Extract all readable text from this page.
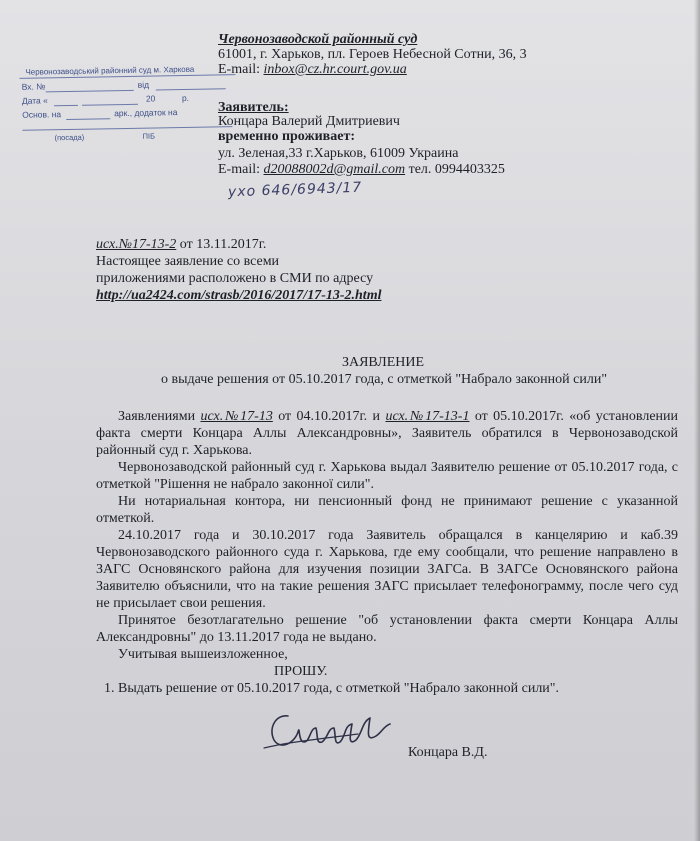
Червонозаводской районный суд
61001, г. Харьков, пл. Героев Небесной Сотни, 36, 3
E-mail: inbox@cz.hr.court.gov.ua
Червонозаводський районний суд м. Харкова
Вх. №	від
Дата «	20	р.
Основ. на	арк., додаток на
(посада)	ПІБ
Заявитель:
Концара Валерий Дмитриевич
временно проживает:
ул. Зеленая,33 г.Харьков, 61009 Украина
E-mail: d20088002d@gmail.com тел. 0994403325
ухо 646/6943/17
исх.№17-13-2 от 13.11.2017г.
Настоящее заявление со всеми
приложениями расположено в СМИ по адресу
http://ua2424.com/strasb/2016/2017/17-13-2.html
ЗАЯВЛЕНИЕ
о выдаче решения от 05.10.2017 года, с отметкой "Набрало законной сили"
Заявлениями исх.№17-13 от 04.10.2017г. и исх.№17-13-1 от 05.10.2017г. «об установлении факта смерти Концара Аллы Александровны», Заявитель обратился в Червонозаводской районный суд г. Харькова.
Червонозаводской районный суд г. Харькова выдал Заявителю решение от 05.10.2017 года, с отметкой "Рішення не набрало законної сили".
Ни нотариальная контора, ни пенсионный фонд не принимают решение с указанной отметкой.
24.10.2017 года и 30.10.2017 года Заявитель обращался в канцелярию и каб.39 Червонозаводского районного суда г. Харькова, где ему сообщали, что решение направлено в ЗАГС Основянского района для изучения позиции ЗАГСа. В ЗАГСе Основянского района Заявителю объяснили, что на такие решения ЗАГС присылает телефонограмму, после чего суд не присылает свои решения.
Принятое безотлагательно решение "об установлении факта смерти Концара Аллы Александровны" до 13.11.2017 года не выдано.
Учитывая вышеизложенное,
ПРОШУ.
1. Выдать решение от 05.10.2017 года, с отметкой "Набрало законной сили".
Концара В.Д.
